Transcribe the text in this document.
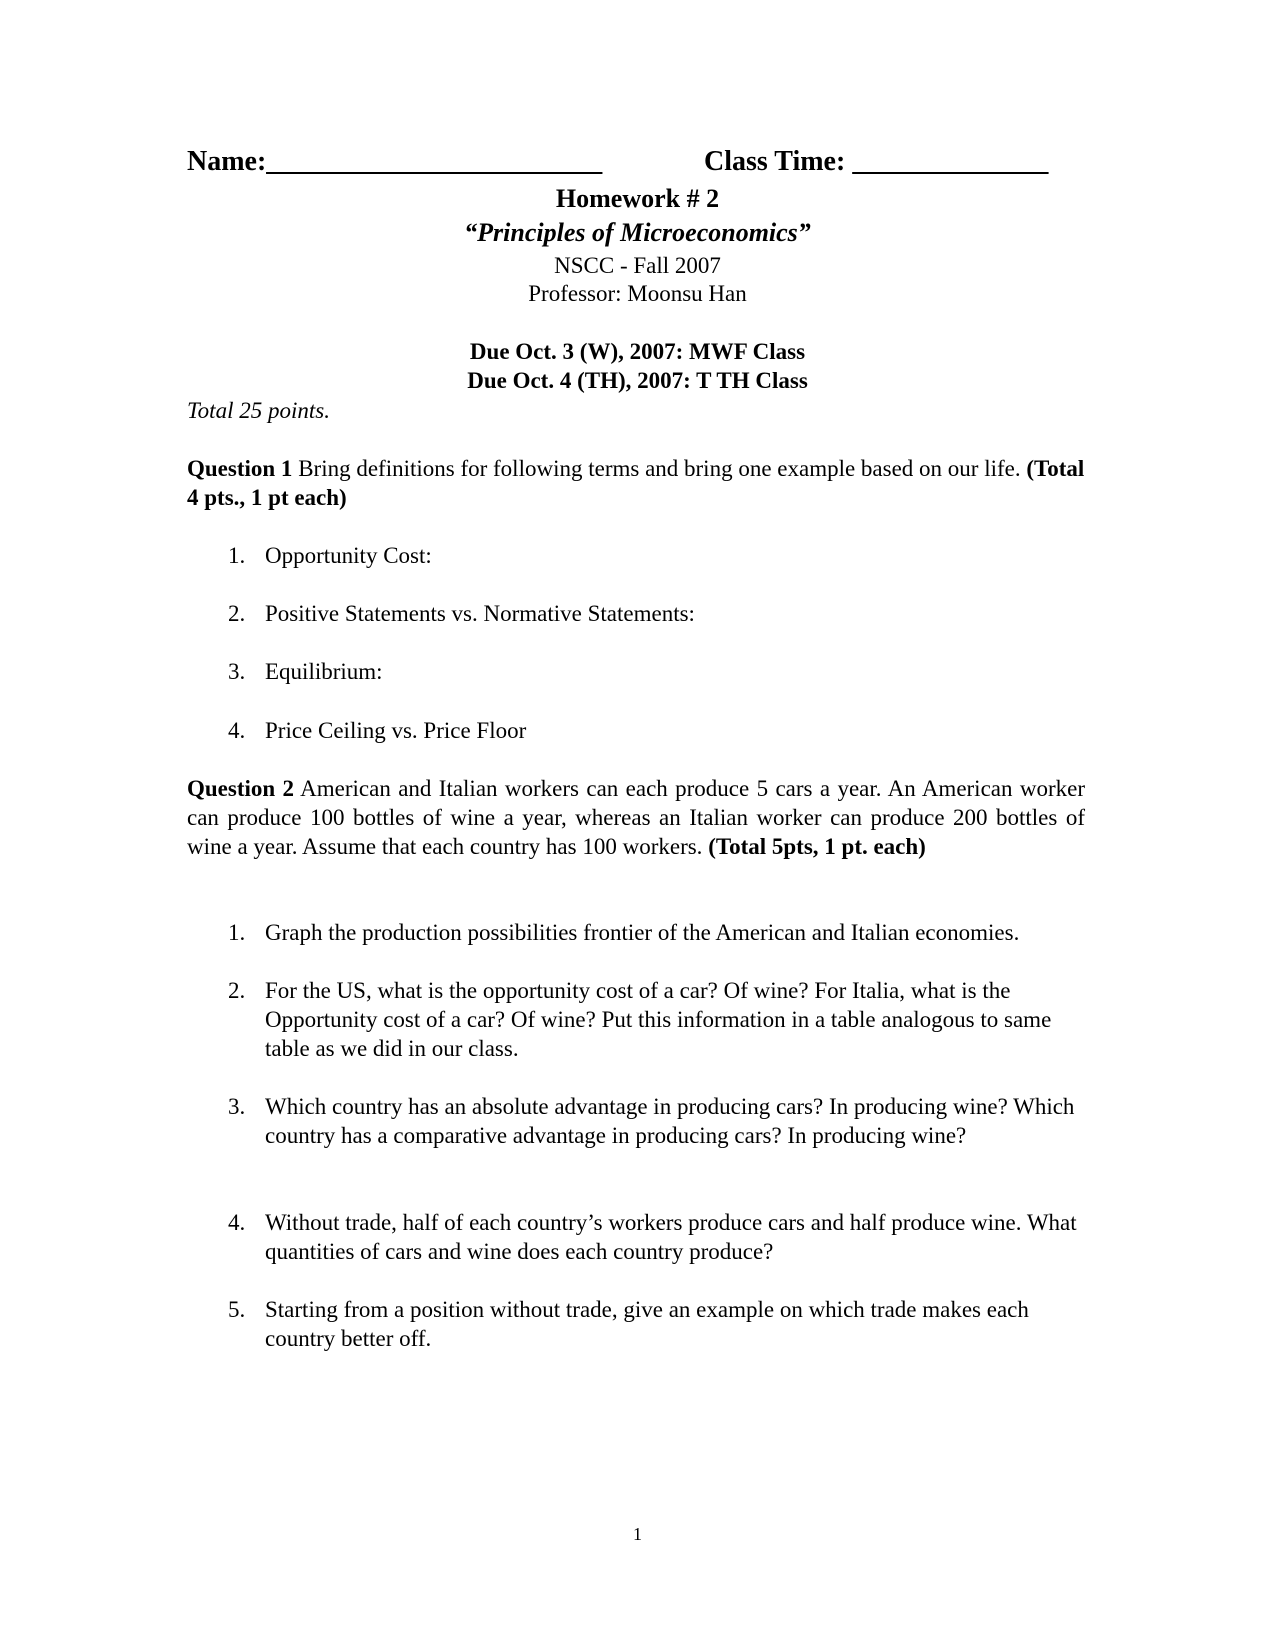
Name:________________________	Class Time: ______________
Homework # 2
“Principles of Microeconomics”
NSCC - Fall 2007
Professor: Moonsu Han
Due Oct. 3 (W), 2007: MWF Class
Due Oct. 4 (TH), 2007: T TH Class
Total 25 points.
Question 1 Bring definitions for following terms and bring one example based on our life. (Total 4 pts., 1 pt each)
1. Opportunity Cost:
2. Positive Statements vs. Normative Statements:
3. Equilibrium:
4. Price Ceiling vs. Price Floor
Question 2 American and Italian workers can each produce 5 cars a year. An American worker can produce 100 bottles of wine a year, whereas an Italian worker can produce 200 bottles of wine a year. Assume that each country has 100 workers. (Total 5pts, 1 pt. each)
1. Graph the production possibilities frontier of the American and Italian economies.
2. For the US, what is the opportunity cost of a car? Of wine? For Italia, what is the Opportunity cost of a car? Of wine? Put this information in a table analogous to same table as we did in our class.
3. Which country has an absolute advantage in producing cars? In producing wine? Which country has a comparative advantage in producing cars? In producing wine?
4. Without trade, half of each country’s workers produce cars and half produce wine. What quantities of cars and wine does each country produce?
5. Starting from a position without trade, give an example on which trade makes each country better off.
1
